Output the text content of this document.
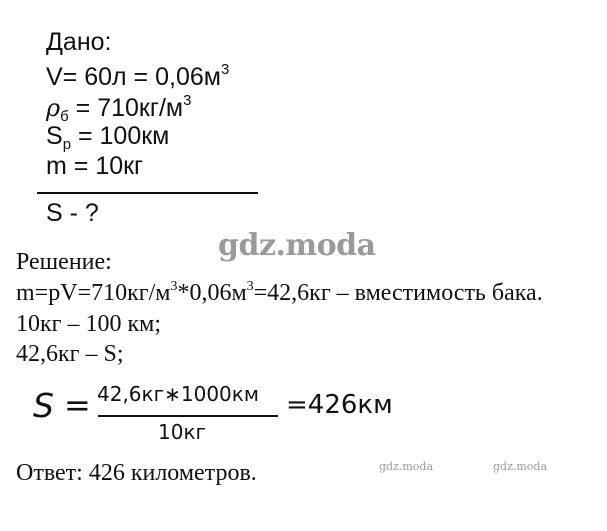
Дано:
$V= 60л = 0,06м^3$
$\rho_б = 710кг/м^3$
$S_р = 100км$
m = 10кг
S - ?
gdz.moda
Решение:
$m=pV=710кг/м^3*0,06м^3=42,6кг$ – вместимость бака.
10кг – 100 км;
42,6кг – S;
S = 42,6кг∗1000км
10кг
=426км
Ответ: 426 километров.	gdz.moda	gdz.moda
